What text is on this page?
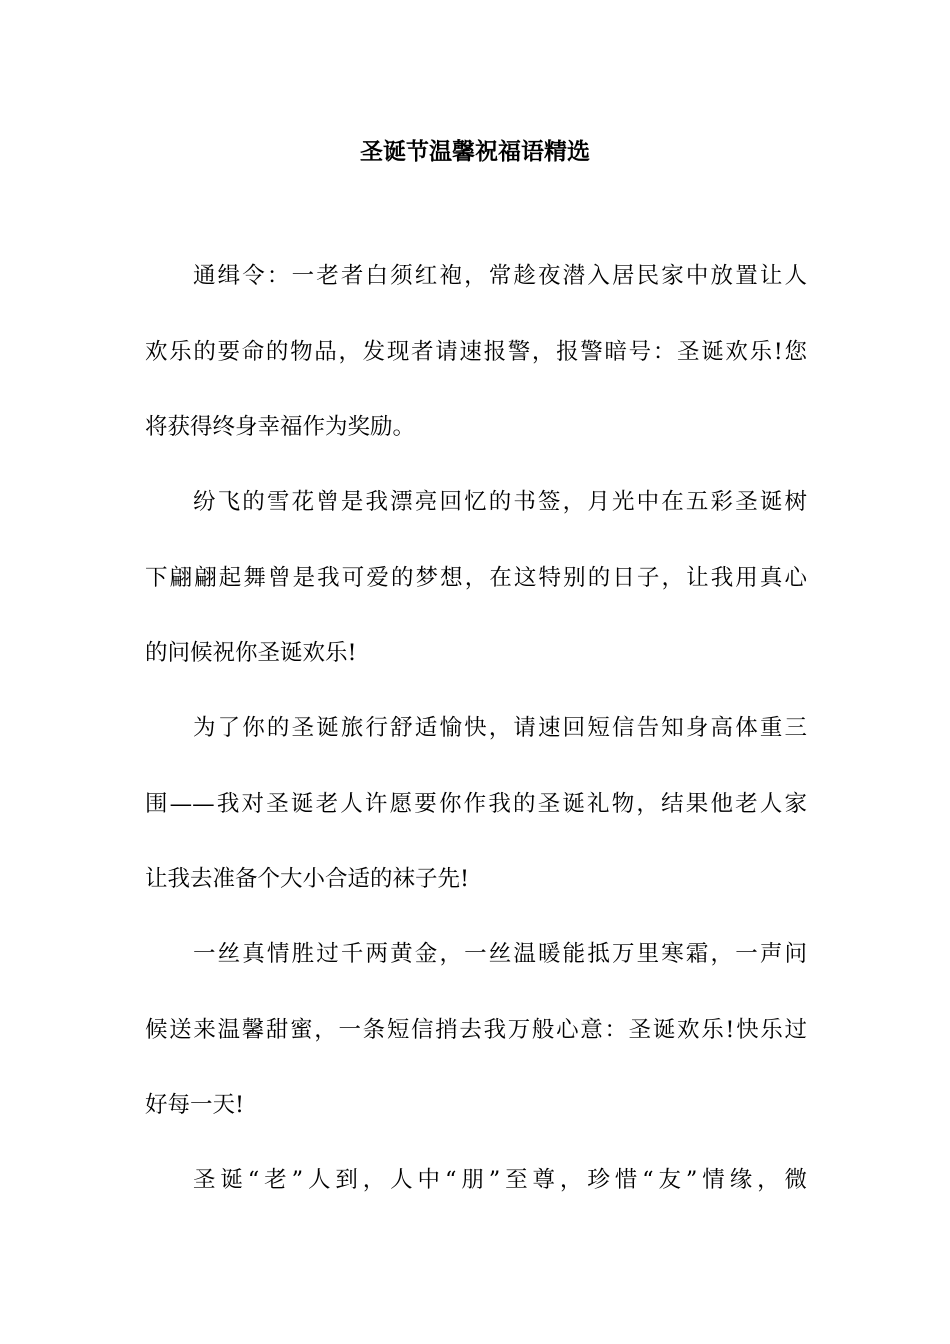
圣诞节温馨祝福语精选
通缉令：一老者白须红袍，常趁夜潜入居民家中放置让人
欢乐的要命的物品，发现者请速报警，报警暗号：圣诞欢乐!您
将获得终身幸福作为奖励。
纷飞的雪花曾是我漂亮回忆的书签，月光中在五彩圣诞树
下翩翩起舞曾是我可爱的梦想，在这特别的日子，让我用真心
的问候祝你圣诞欢乐!
为了你的圣诞旅行舒适愉快，请速回短信告知身高体重三
围——我对圣诞老人许愿要你作我的圣诞礼物，结果他老人家
让我去准备个大小合适的袜子先!
一丝真情胜过千两黄金，一丝温暖能抵万里寒霜，一声问
候送来温馨甜蜜，一条短信捎去我万般心意：圣诞欢乐!快乐过
好每一天!
圣诞“老”人到，人中“朋”至尊，珍惜“友”情缘，微
